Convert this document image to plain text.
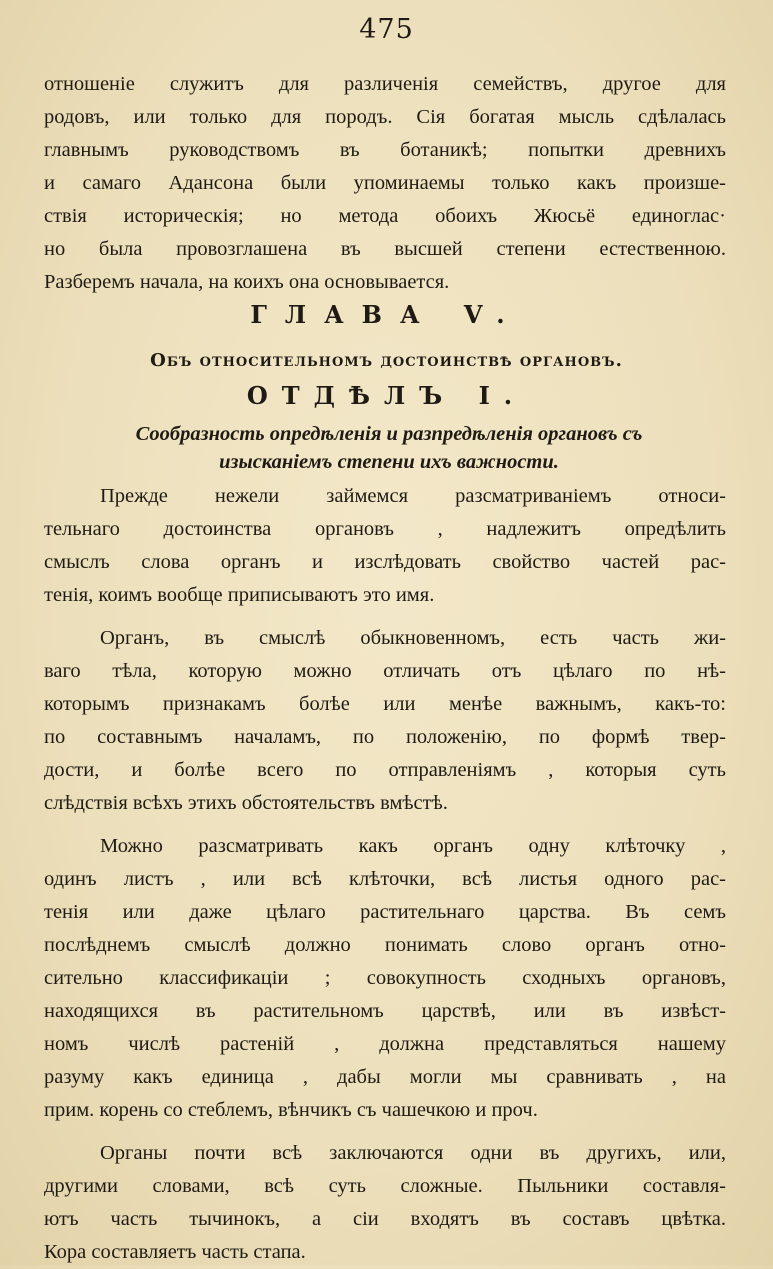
475
отношеніе служитъ для различенія семействъ, другое для
родовъ, или только для породъ. Сія богатая мысль сдѣлалась
главнымъ руководствомъ въ ботаникѣ; попытки древнихъ
и самаго Адансона были упоминаемы только какъ произше-
ствія историческія; но метода обоихъ Жюсьё единоглас·
но была провозглашена въ высшей степени естественною.
Разберемъ начала, на коихъ она основывается.
ГЛАВА V.
Объ относительномъ достоинствѣ органовъ.
ОТДѢЛЪ I.
Сообразность опредѣленія и разпредѣленія органовъ съ
изысканіемъ степени ихъ важности.
Прежде нежели займемся разсматриваніемъ относи-
тельнаго достоинства органовъ , надлежитъ опредѣлить
смыслъ слова органъ и изслѣдовать свойство частей рас-
тенія, коимъ вообще приписываютъ это имя.
Органъ, въ смыслѣ обыкновенномъ, есть часть жи-
ваго тѣла, которую можно отличать отъ цѣлаго по нѣ-
которымъ признакамъ болѣе или менѣе важнымъ, какъ-то:
по составнымъ началамъ, по положенію, по формѣ твер-
дости, и болѣе всего по отправленіямъ , которыя суть
слѣдствія всѣхъ этихъ обстоятельствъ вмѣстѣ.
Можно разсматривать какъ органъ одну клѣточку ,
одинъ листъ , или всѣ клѣточки, всѣ листья одного рас-
тенія или даже цѣлаго растительнаго царства. Въ семъ
послѣднемъ смыслѣ должно понимать слово органъ отно-
сительно классификаціи ; совокупность сходныхъ органовъ,
находящихся въ растительномъ царствѣ, или въ извѣст-
номъ числѣ растеній , должна представляться нашему
разуму какъ единица , дабы могли мы сравнивать , на
прим. корень со стеблемъ, вѣнчикъ съ чашечкою и проч.
Органы почти всѣ заключаются одни въ другихъ, или,
другими словами, всѣ суть сложные. Пыльники составля-
ютъ часть тычинокъ, а сіи входятъ въ составъ цвѣтка.
Кора составляетъ часть стапа.
